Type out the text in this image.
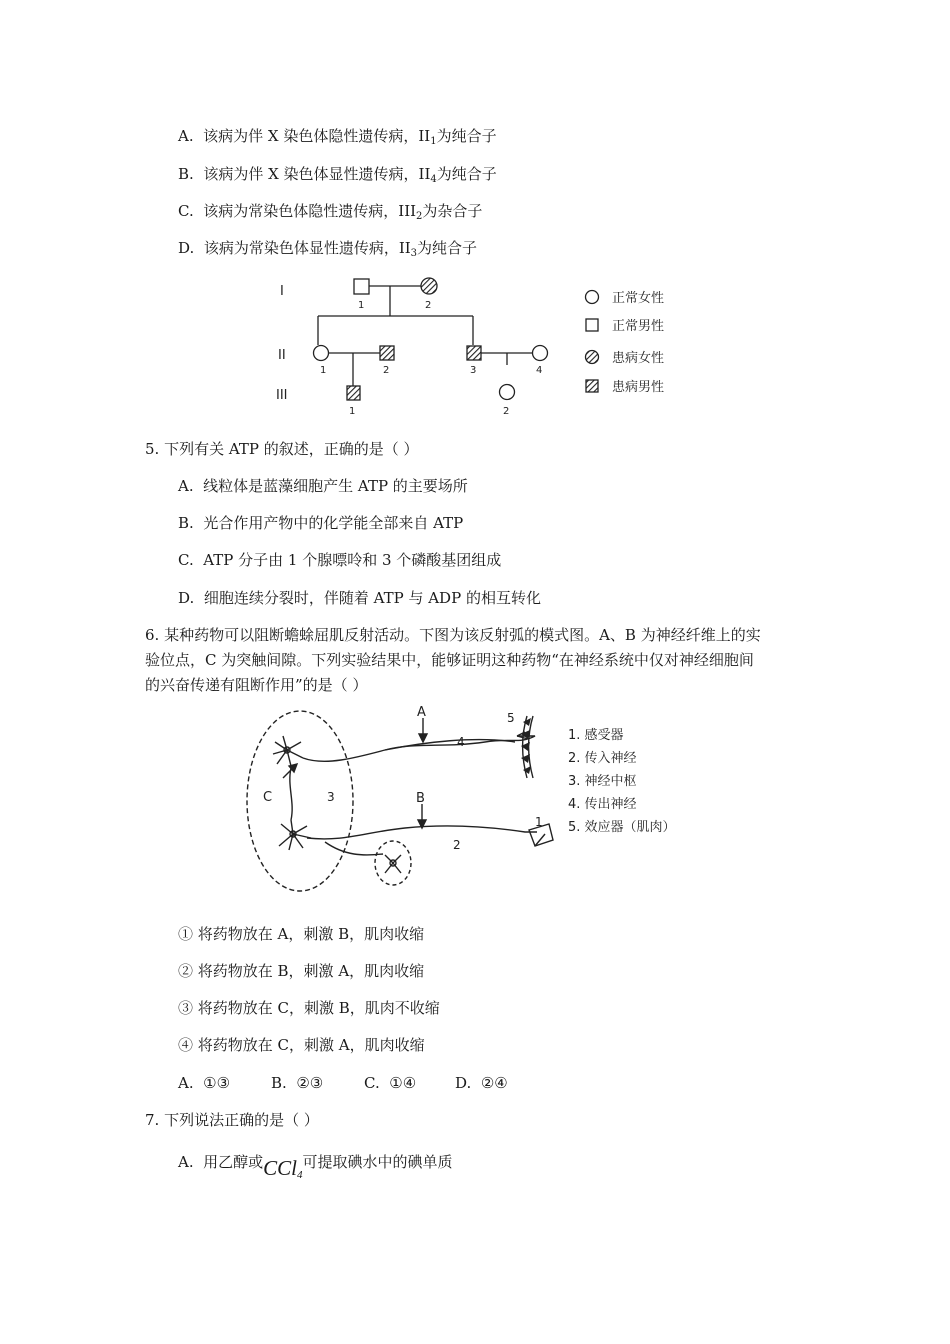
A. 该病为伴 X 染色体隐性遗传病，$II_1$为纯合子
B. 该病为伴 X 染色体显性遗传病，$II_4$为纯合子
C. 该病为常染色体隐性遗传病，$III_2$为杂合子
D. 该病为常染色体显性遗传病，$II_3$为纯合子
I
II
III
1	2
1	2	3	4
1	2
正常女性
正常男性
患病女性
患病男性
5. 下列有关 ATP 的叙述，正确的是（ ）
A. 线粒体是蓝藻细胞产生 ATP 的主要场所
B. 光合作用产物中的化学能全部来自 ATP
C. ATP 分子由 1 个腺嘌呤和 3 个磷酸基团组成
D. 细胞连续分裂时，伴随着 ATP 与 ADP 的相互转化
6. 某种药物可以阻断蟾蜍屈肌反射活动。下图为该反射弧的模式图。A、B 为神经纤维上的实
验位点，C 为突触间隙。下列实验结果中，能够证明这种药物“在神经系统中仅对神经细胞间
的兴奋传递有阻断作用”的是（ ）
A
B
C
1
2
3
4
5
1. 感受器
2. 传入神经
3. 神经中枢
4. 传出神经
5. 效应器（肌肉）
① 将药物放在 A，刺激 B，肌肉收缩
② 将药物放在 B，刺激 A，肌肉收缩
③ 将药物放在 C，刺激 B，肌肉不收缩
④ 将药物放在 C，刺激 A，肌肉收缩
A. ①③	B. ②③	C. ①④	D. ②④
7. 下列说法正确的是（ ）
A. 用乙醇或CCl$_4$可提取碘水中的碘单质
